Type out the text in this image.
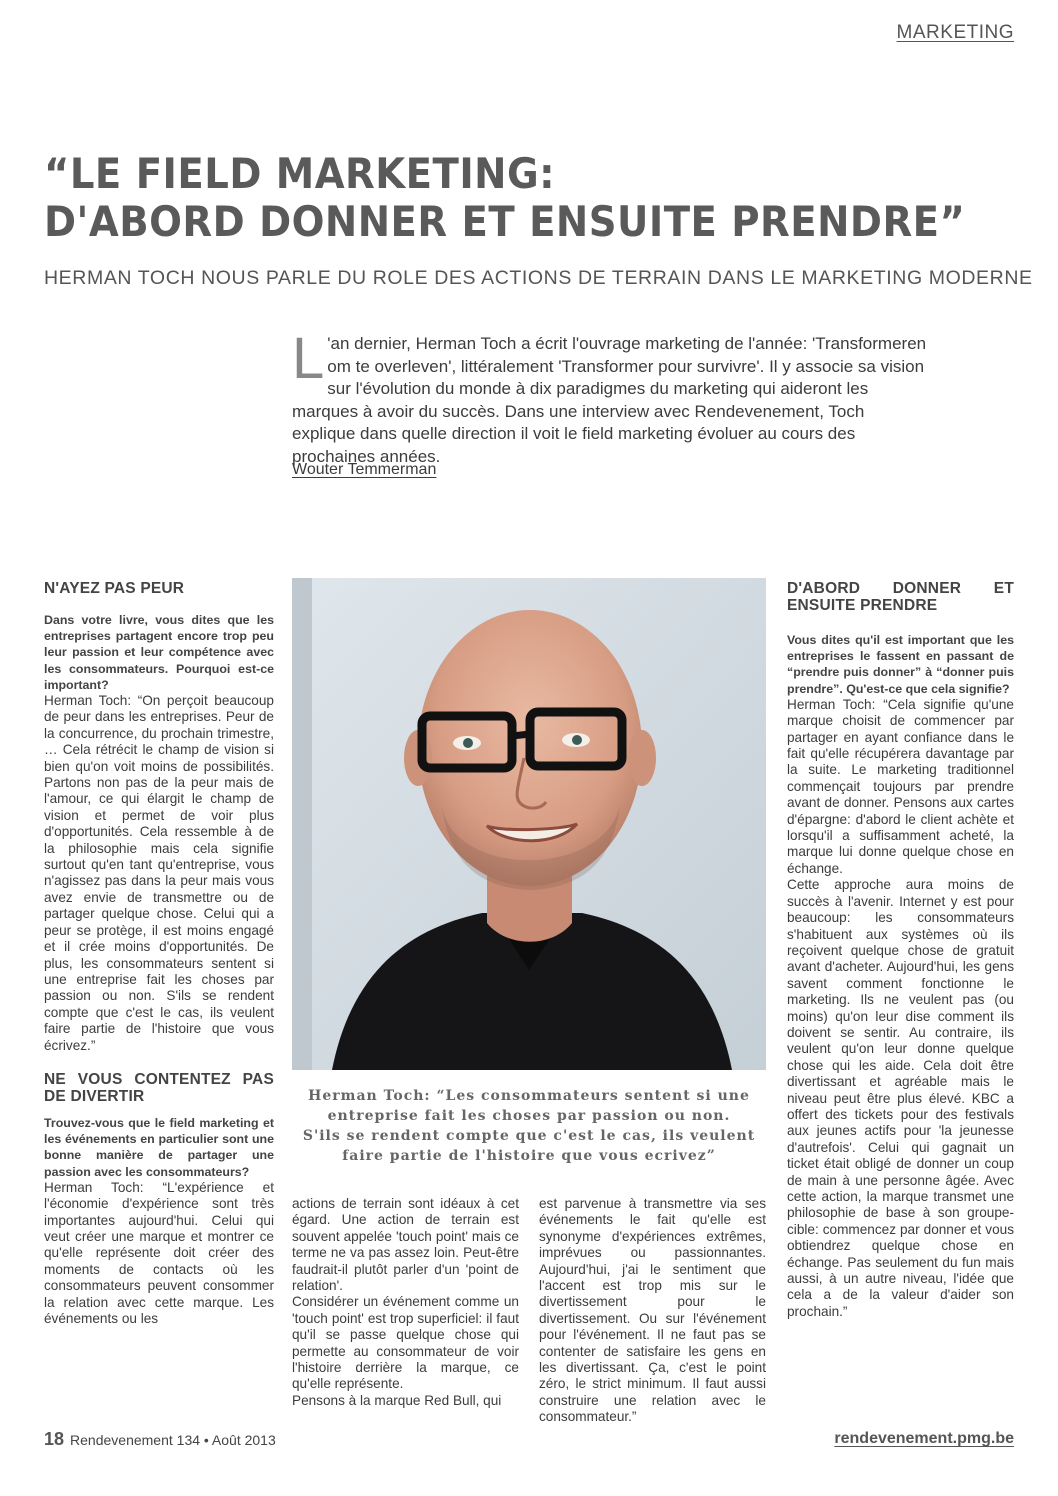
MARKETING
“LE FIELD MARKETING:
D'ABORD DONNER ET ENSUITE PRENDRE”
HERMAN TOCH NOUS PARLE DU ROLE DES ACTIONS DE TERRAIN DANS LE MARKETING MODERNE
L 'an dernier, Herman Toch a écrit l'ouvrage marketing de l'année: 'Transformeren om te overleven', littéralement 'Transformer pour survivre'. Il y associe sa vision sur l'évolution du monde à dix paradigmes du marketing qui aideront les marques à avoir du succès. Dans une interview avec Rendevenement, Toch explique dans quelle direction il voit le field marketing évoluer au cours des prochaines années.
Wouter Temmerman
N'AYEZ PAS PEUR

Dans votre livre, vous dites que les entreprises partagent encore trop peu leur passion et leur compétence avec les consommateurs. Pourquoi est-ce important?

Herman Toch: “On perçoit beaucoup de peur dans les entreprises. Peur de la concurrence, du prochain trimestre, … Cela rétrécit le champ de vision si bien qu'on voit moins de possibilités. Partons non pas de la peur mais de l'amour, ce qui élargit le champ de vision et permet de voir plus d'opportunités. Cela ressemble à de la philosophie mais cela signifie surtout qu'en tant qu'entreprise, vous n'agissez pas dans la peur mais vous avez envie de transmettre ou de partager quelque chose. Celui qui a peur se protège, il est moins engagé et il crée moins d'opportunités. De plus, les consommateurs sentent si une entreprise fait les choses par passion ou non. S'ils se rendent compte que c'est le cas, ils veulent faire partie de l'histoire que vous écrivez.”

NE VOUS CONTENTEZ PAS DE DIVERTIR

Trouvez-vous que le field marketing et les événements en particulier sont une bonne manière de partager une passion avec les consommateurs?

Herman Toch: “L'expérience et l'économie d'expérience sont très importantes aujourd'hui. Celui qui veut créer une marque et montrer ce qu'elle représente doit créer des moments de contacts où les consommateurs peuvent consommer la relation avec cette marque. Les événements ou les

Herman Toch: “Les consommateurs sentent si une
entreprise fait les choses par passion ou non.
S'ils se rendent compte que c'est le cas, ils veulent
faire partie de l'histoire que vous ecrivez”

actions de terrain sont idéaux à cet égard. Une action de terrain est souvent appelée 'touch point' mais ce terme ne va pas assez loin. Peut-être faudrait-il plutôt parler d'un 'point de relation'.

Considérer un événement comme un 'touch point' est trop superficiel: il faut qu'il se passe quelque chose qui permette au consommateur de voir l'histoire derrière la marque, ce qu'elle représente.

Pensons à la marque Red Bull, qui

est parvenue à transmettre via ses événements le fait qu'elle est synonyme d'expériences extrêmes, imprévues ou passionnantes. Aujourd'hui, j'ai le sentiment que l'accent est trop mis sur le divertissement pour le divertissement. Ou sur l'événement pour l'événement. Il ne faut pas se contenter de satisfaire les gens en les divertissant. Ça, c'est le point zéro, le strict minimum. Il faut aussi construire une relation avec le consommateur.”

D'ABORD DONNER ET ENSUITE PRENDRE

Vous dites qu'il est important que les entreprises le fassent en passant de “prendre puis donner” à “donner puis prendre”. Qu'est-ce que cela signifie?

Herman Toch: “Cela signifie qu'une marque choisit de commencer par partager en ayant confiance dans le fait qu'elle récupérera davantage par la suite. Le marketing traditionnel commençait toujours par prendre avant de donner. Pensons aux cartes d'épargne: d'abord le client achète et lorsqu'il a suffisamment acheté, la marque lui donne quelque chose en échange.

Cette approche aura moins de succès à l'avenir. Internet y est pour beaucoup: les consommateurs s'habituent aux systèmes où ils reçoivent quelque chose de gratuit avant d'acheter. Aujourd'hui, les gens savent comment fonctionne le marketing. Ils ne veulent pas (ou moins) qu'on leur dise comment ils doivent se sentir. Au contraire, ils veulent qu'on leur donne quelque chose qui les aide. Cela doit être divertissant et agréable mais le niveau peut être plus élevé. KBC a offert des tickets pour des festivals aux jeunes actifs pour 'la jeunesse d'autrefois'. Celui qui gagnait un ticket était obligé de donner un coup de main à une personne âgée. Avec cette action, la marque transmet une philosophie de base à son groupe-cible: commencez par donner et vous obtiendrez quelque chose en échange. Pas seulement du fun mais aussi, à un autre niveau, l'idée que cela a de la valeur d'aider son prochain.”

18 Rendevenement 134 • Août 2013	rendevenement.pmg.be
